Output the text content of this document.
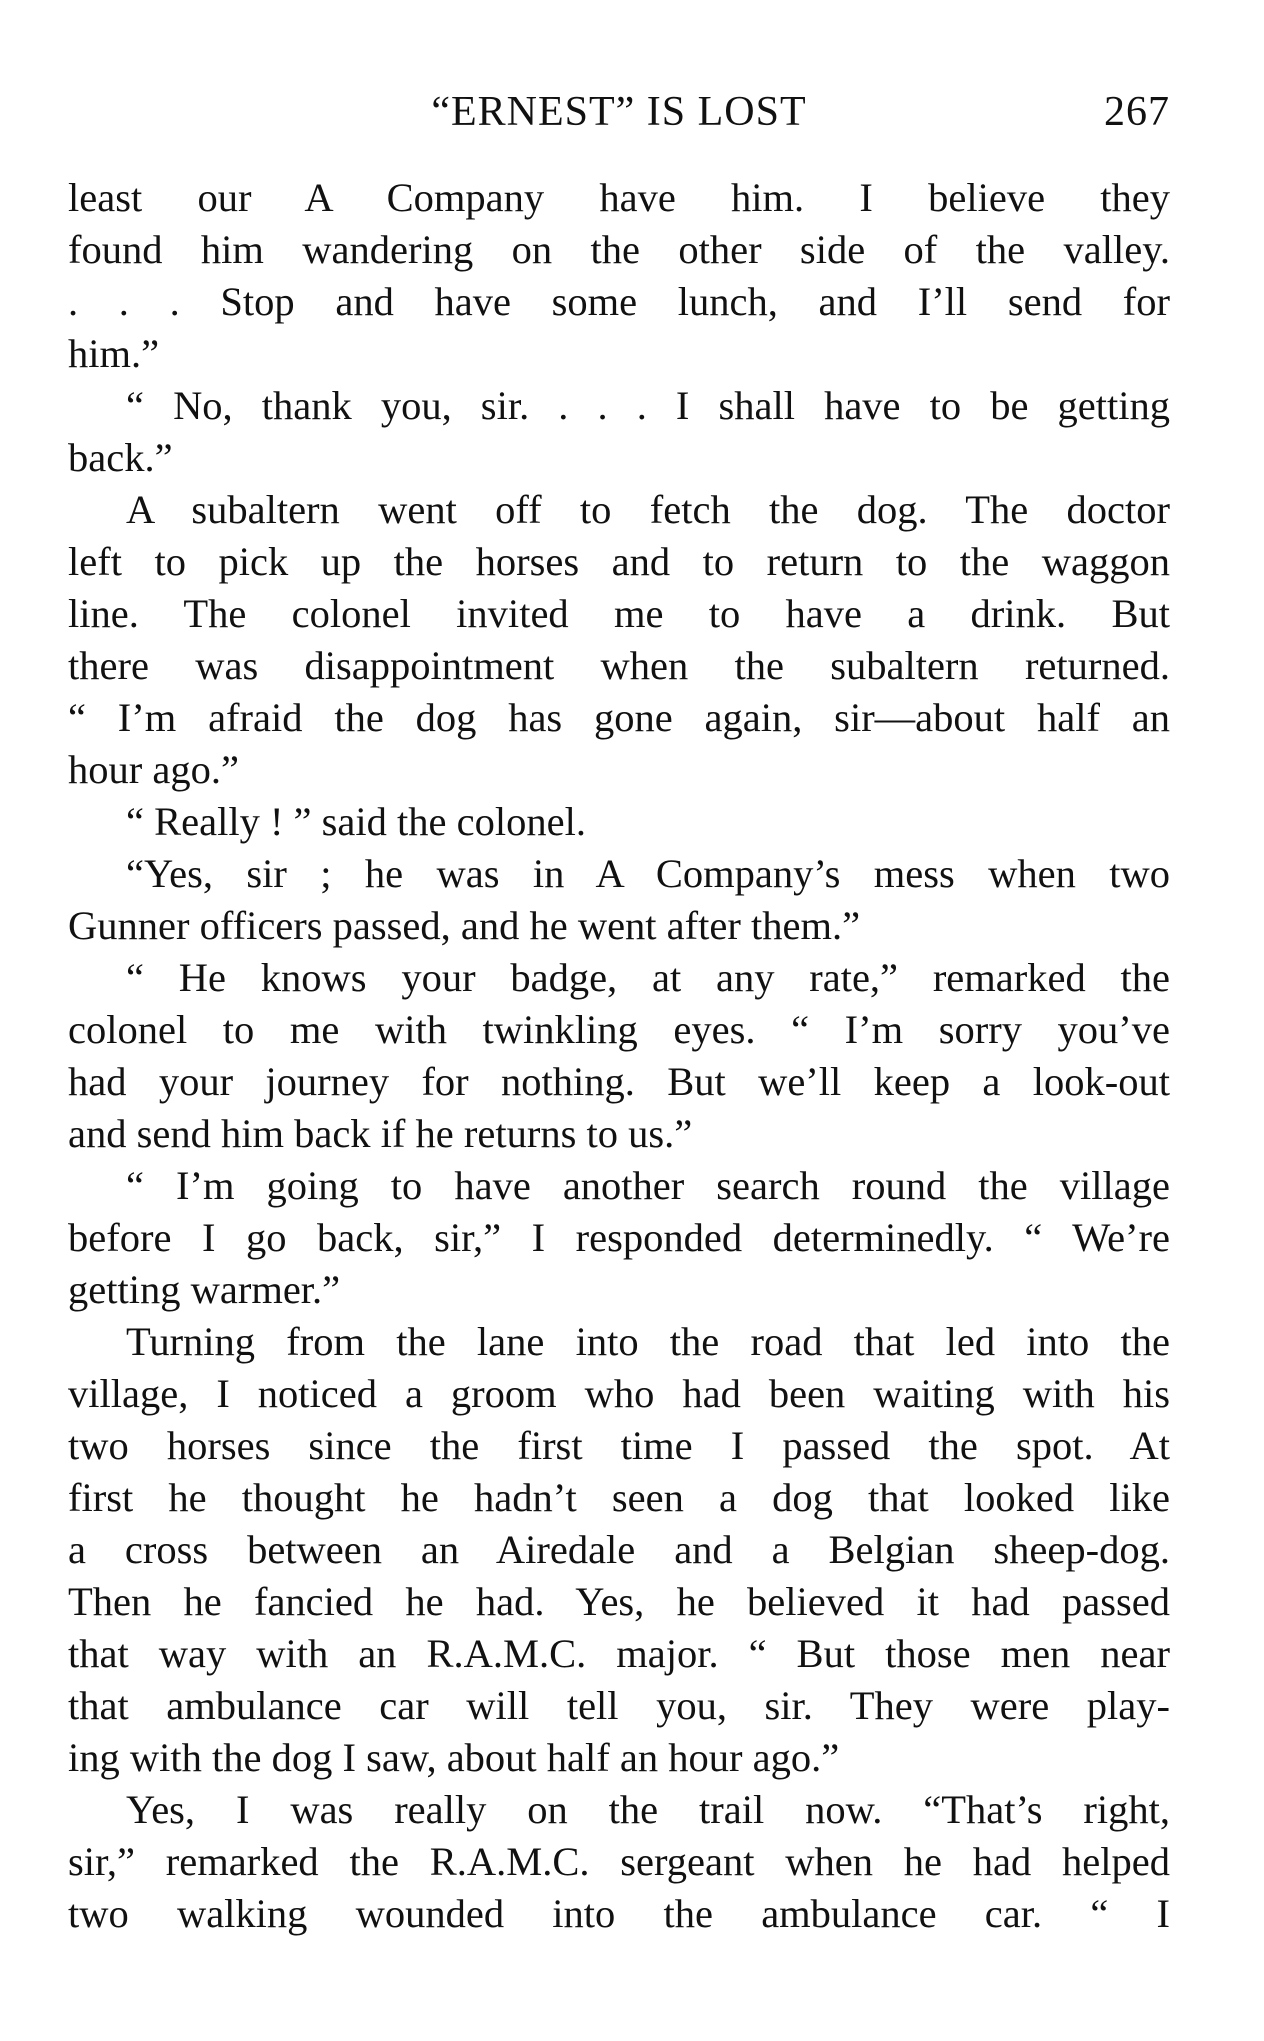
“ERNEST” IS LOST	267
least our A Company have him. I believe they
found him wandering on the other side of the valley.
. . . Stop and have some lunch, and I’ll send for
him.”
“ No, thank you, sir. . . . I shall have to be getting
back.”
A subaltern went off to fetch the dog. The doctor
left to pick up the horses and to return to the waggon
line. The colonel invited me to have a drink. But
there was disappointment when the subaltern returned.
“ I’m afraid the dog has gone again, sir—about half an
hour ago.”
“ Really ! ” said the colonel.
“Yes, sir ; he was in A Company’s mess when two
Gunner officers passed, and he went after them.”
“ He knows your badge, at any rate,” remarked the
colonel to me with twinkling eyes. “ I’m sorry you’ve
had your journey for nothing. But we’ll keep a look-out
and send him back if he returns to us.”
“ I’m going to have another search round the village
before I go back, sir,” I responded determinedly. “ We’re
getting warmer.”
Turning from the lane into the road that led into the
village, I noticed a groom who had been waiting with his
two horses since the first time I passed the spot. At
first he thought he hadn’t seen a dog that looked like
a cross between an Airedale and a Belgian sheep-dog.
Then he fancied he had. Yes, he believed it had passed
that way with an R.A.M.C. major. “ But those men near
that ambulance car will tell you, sir. They were play-
ing with the dog I saw, about half an hour ago.”
Yes, I was really on the trail now. “That’s right,
sir,” remarked the R.A.M.C. sergeant when he had helped
two walking wounded into the ambulance car. “ I
